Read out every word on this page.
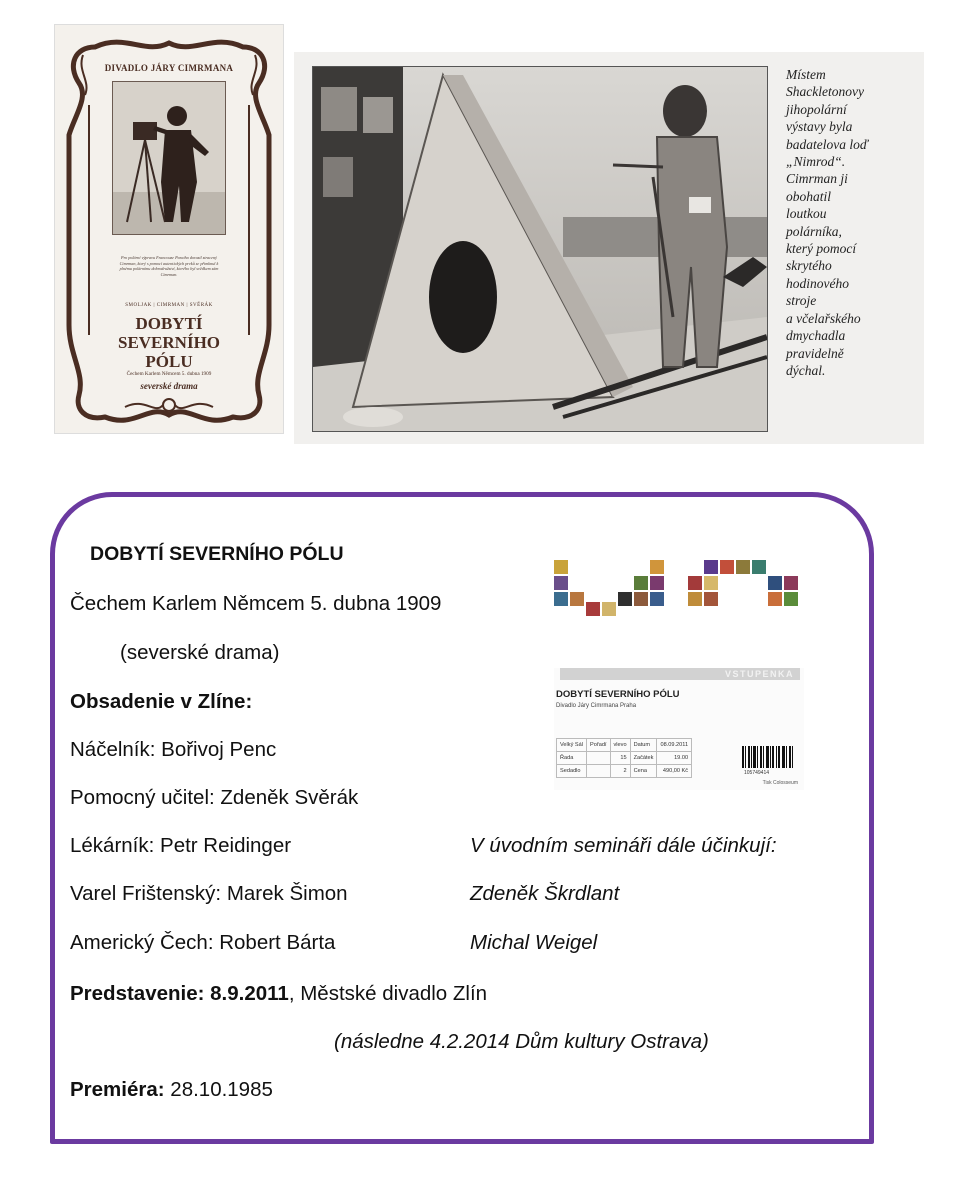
DIVADLO JÁRY CIMRMANA
Pro polární výpravu Francouze Paraiho dorazil ztracený Cimrman, který s pomocí autentických prvků se přimknul k plnému polárnímu dobrodružství, kterého byl svědkem sám Cimrman.
SMOLJAK | CIMRMAN | SVĚRÁK
DOBYTÍ
SEVERNÍHO
PÓLU
Čechem Karlem Němcem 5. dubna 1909
severské drama
Místem
Shackletonovy
jihopolární
výstavy byla
badatelova loď
„Nimrod“.
Cimrman ji
obohatil
loutkou
polárníka,
který pomocí
skrytého
hodinového
stroje
a včelařského
dmychadla
pravidelně
dýchal.
DOBYTÍ SEVERNÍHO PÓLU
Čechem Karlem Němcem 5. dubna 1909
(severské drama)
Obsadenie v Zlíne:
Náčelník: Bořivoj Penc
Pomocný učitel: Zdeněk Svěrák
Lékárník: Petr Reidinger
Varel Frištenský: Marek Šimon
Americký Čech: Robert Bárta
V úvodním semináři dále účinkují:
Zdeněk Škrdlant
Michal Weigel
Predstavenie: 8.9.2011, Městské divadlo Zlín
(následne 4.2.2014 Dům kultury Ostrava)
Premiéra: 28.10.1985
VSTUPENKA
DOBYTÍ SEVERNÍHO PÓLU
Divadlo Járy Cimrmana Praha
Velký Sál	Pořadí	vlevo	Datum	08.09.2011
Řada		15	Začátek	19.00
Sedadlo		2	Cena	490,00 Kč	105749414
Tisk Colosseum
